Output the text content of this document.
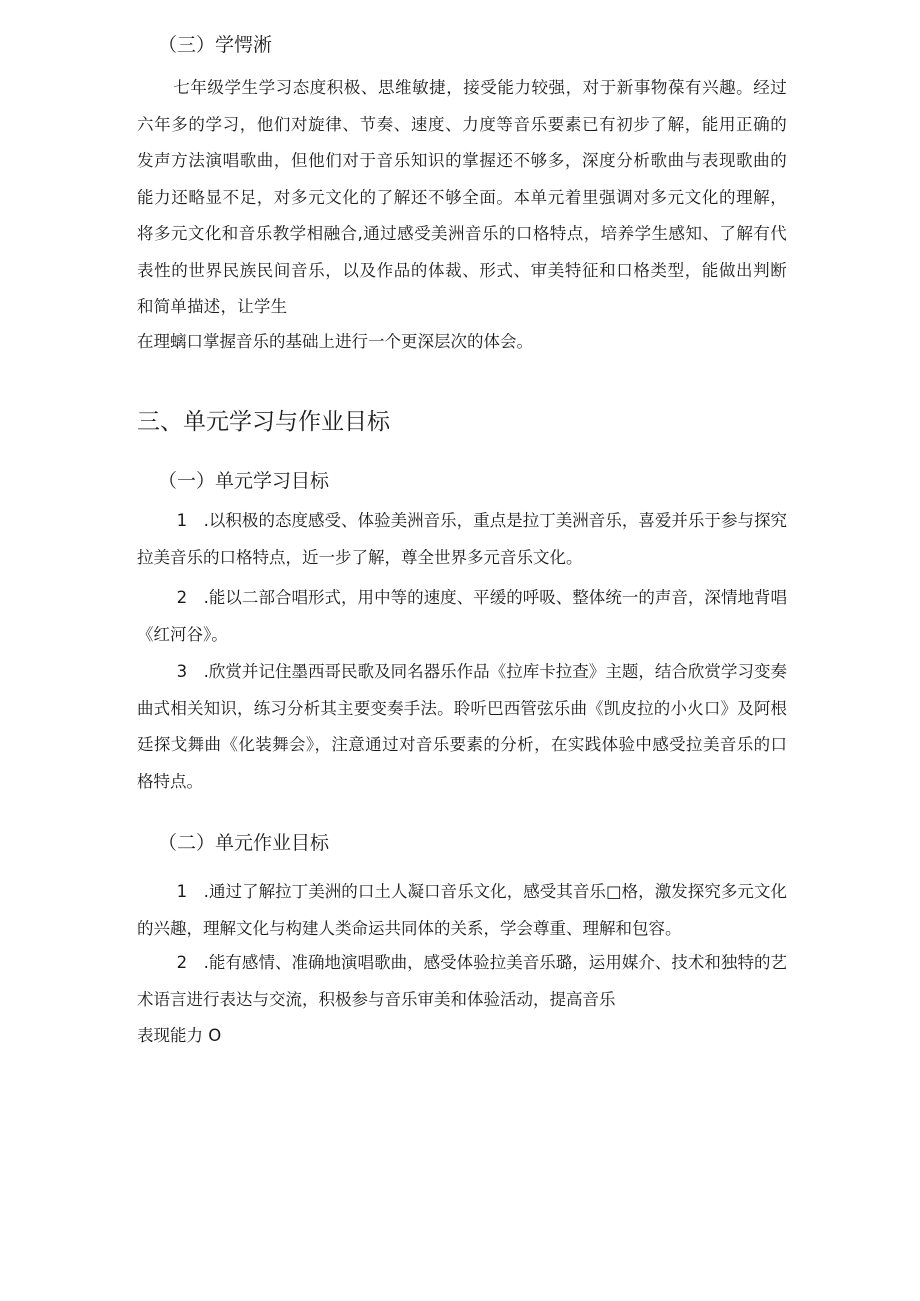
（三）学愕淅

七年级学生学习态度积极、思维敏捷，接受能力较强，对于新事物葆有兴趣。经过六年多的学习，他们对旋律、节奏、速度、力度等音乐要素已有初步了解，能用正确的发声方法演唱歌曲，但他们对于音乐知识的掌握还不够多，深度分析歌曲与表现歌曲的能力还略显不足，对多元文化的了解还不够全面。本单元着里强调对多元文化的理解，将多元文化和音乐教学相融合,通过感受美洲音乐的口格特点，培养学生感知、了解有代表性的世界民族民间音乐，以及作品的体裁、形式、审美特征和口格类型，能做出判断和简单描述，让学生

在理螭口掌握音乐的基础上进行一个更深层次的体会。

三、单元学习与作业目标
（一）单元学习目标

1　.以积极的态度感受、体验美洲音乐，重点是拉丁美洲音乐，喜爱并乐于参与探究拉美音乐的口格特点，近一步了解，尊全世界多元音乐文化。

2　.能以二部合唱形式，用中等的速度、平缓的呼吸、整体统一的声音，深情地背唱《红河谷》。

3　.欣赏并记住墨西哥民歌及同名器乐作品《拉库卡拉查》主题，结合欣赏学习变奏曲式相关知识，练习分析其主要变奏手法。聆听巴西管弦乐曲《凯皮拉的小火口》及阿根廷探戈舞曲《化装舞会》，注意通过对音乐要素的分析，在实践体验中感受拉美音乐的口格特点。

（二）单元作业目标

1　.通过了解拉丁美洲的口土人凝口音乐文化，感受其音乐□格，激发探究多元文化的兴趣，理解文化与构建人类命运共同体的关系，学会尊重、理解和包容。

2　.能有感情、准确地演唱歌曲，感受体验拉美音乐璐，运用媒介、技术和独特的艺术语言进行表达与交流，积极参与音乐审美和体验活动，提高音乐

表现能力 O
